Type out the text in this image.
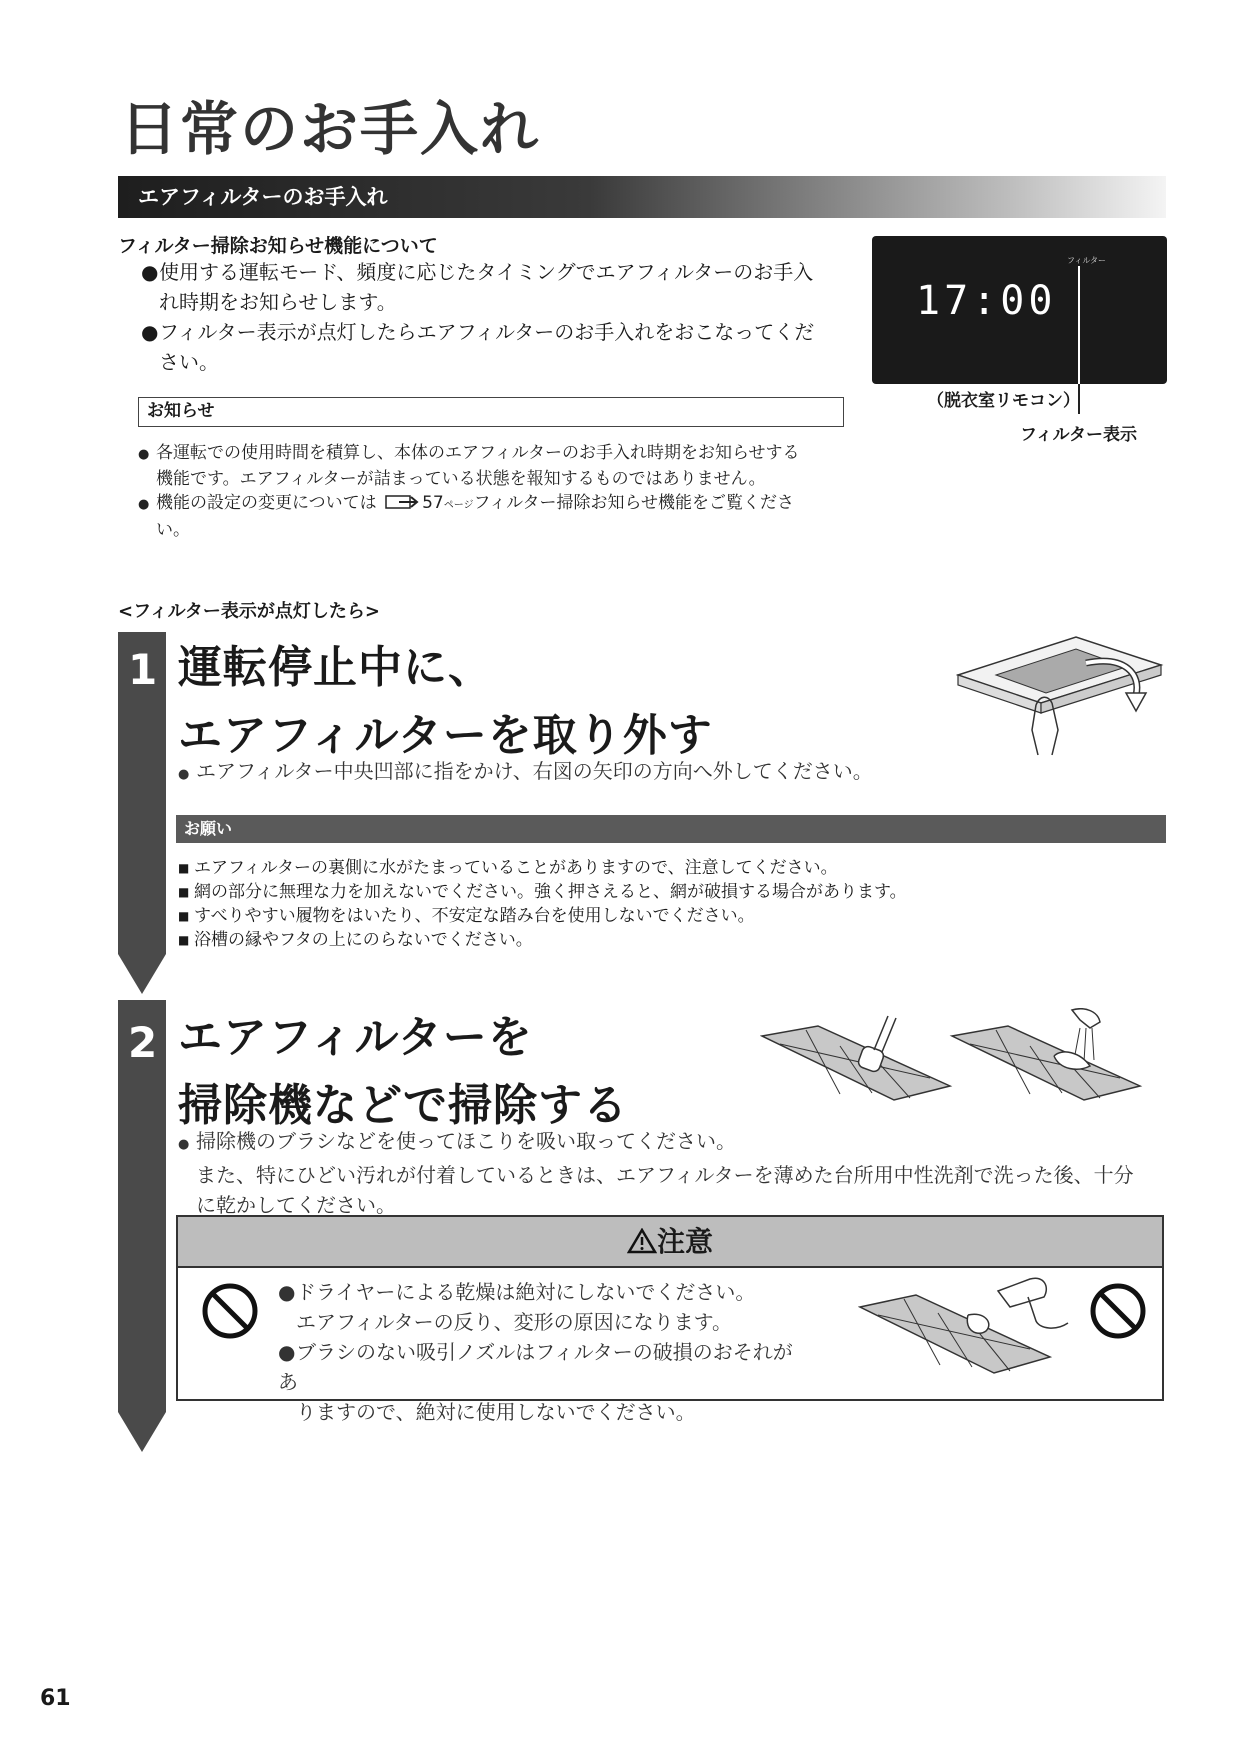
日常のお手入れ
エアフィルターのお手入れ
フィルター掃除お知らせ機能について
●使用する運転モード、頻度に応じたタイミングでエアフィルターのお手入
れ時期をお知らせします。
●フィルター表示が点灯したらエアフィルターのお手入れをおこなってくだ
さい。
お知らせ
● 各運転での使用時間を積算し、本体のエアフィルターのお手入れ時期をお知らせする
機能です。エアフィルターが詰まっている状態を報知するものではありません。
● 機能の設定の変更については	57ページフィルター掃除お知らせ機能をご覧くださ
い。
フィルター
17:00
（脱衣室リモコン）
フィルター表示
<フィルター表示が点灯したら>
1 運転停止中に、
エアフィルターを取り外す
● エアフィルター中央凹部に指をかけ、右図の矢印の方向へ外してください。
お願い
■ エアフィルターの裏側に水がたまっていることがありますので、注意してください。
■ 網の部分に無理な力を加えないでください。強く押さえると、網が破損する場合があります。
■ すべりやすい履物をはいたり、不安定な踏み台を使用しないでください。
■ 浴槽の縁やフタの上にのらないでください。
2 エアフィルターを
掃除機などで掃除する
● 掃除機のブラシなどを使ってほこりを吸い取ってください。
また、特にひどい汚れが付着しているときは、エアフィルターを薄めた台所用中性洗剤で洗った後、十分
に乾かしてください。
注意
●ドライヤーによる乾燥は絶対にしないでください。
エアフィルターの反り、変形の原因になります。
●ブラシのない吸引ノズルはフィルターの破損のおそれがあ
りますので、絶対に使用しないでください。
61
